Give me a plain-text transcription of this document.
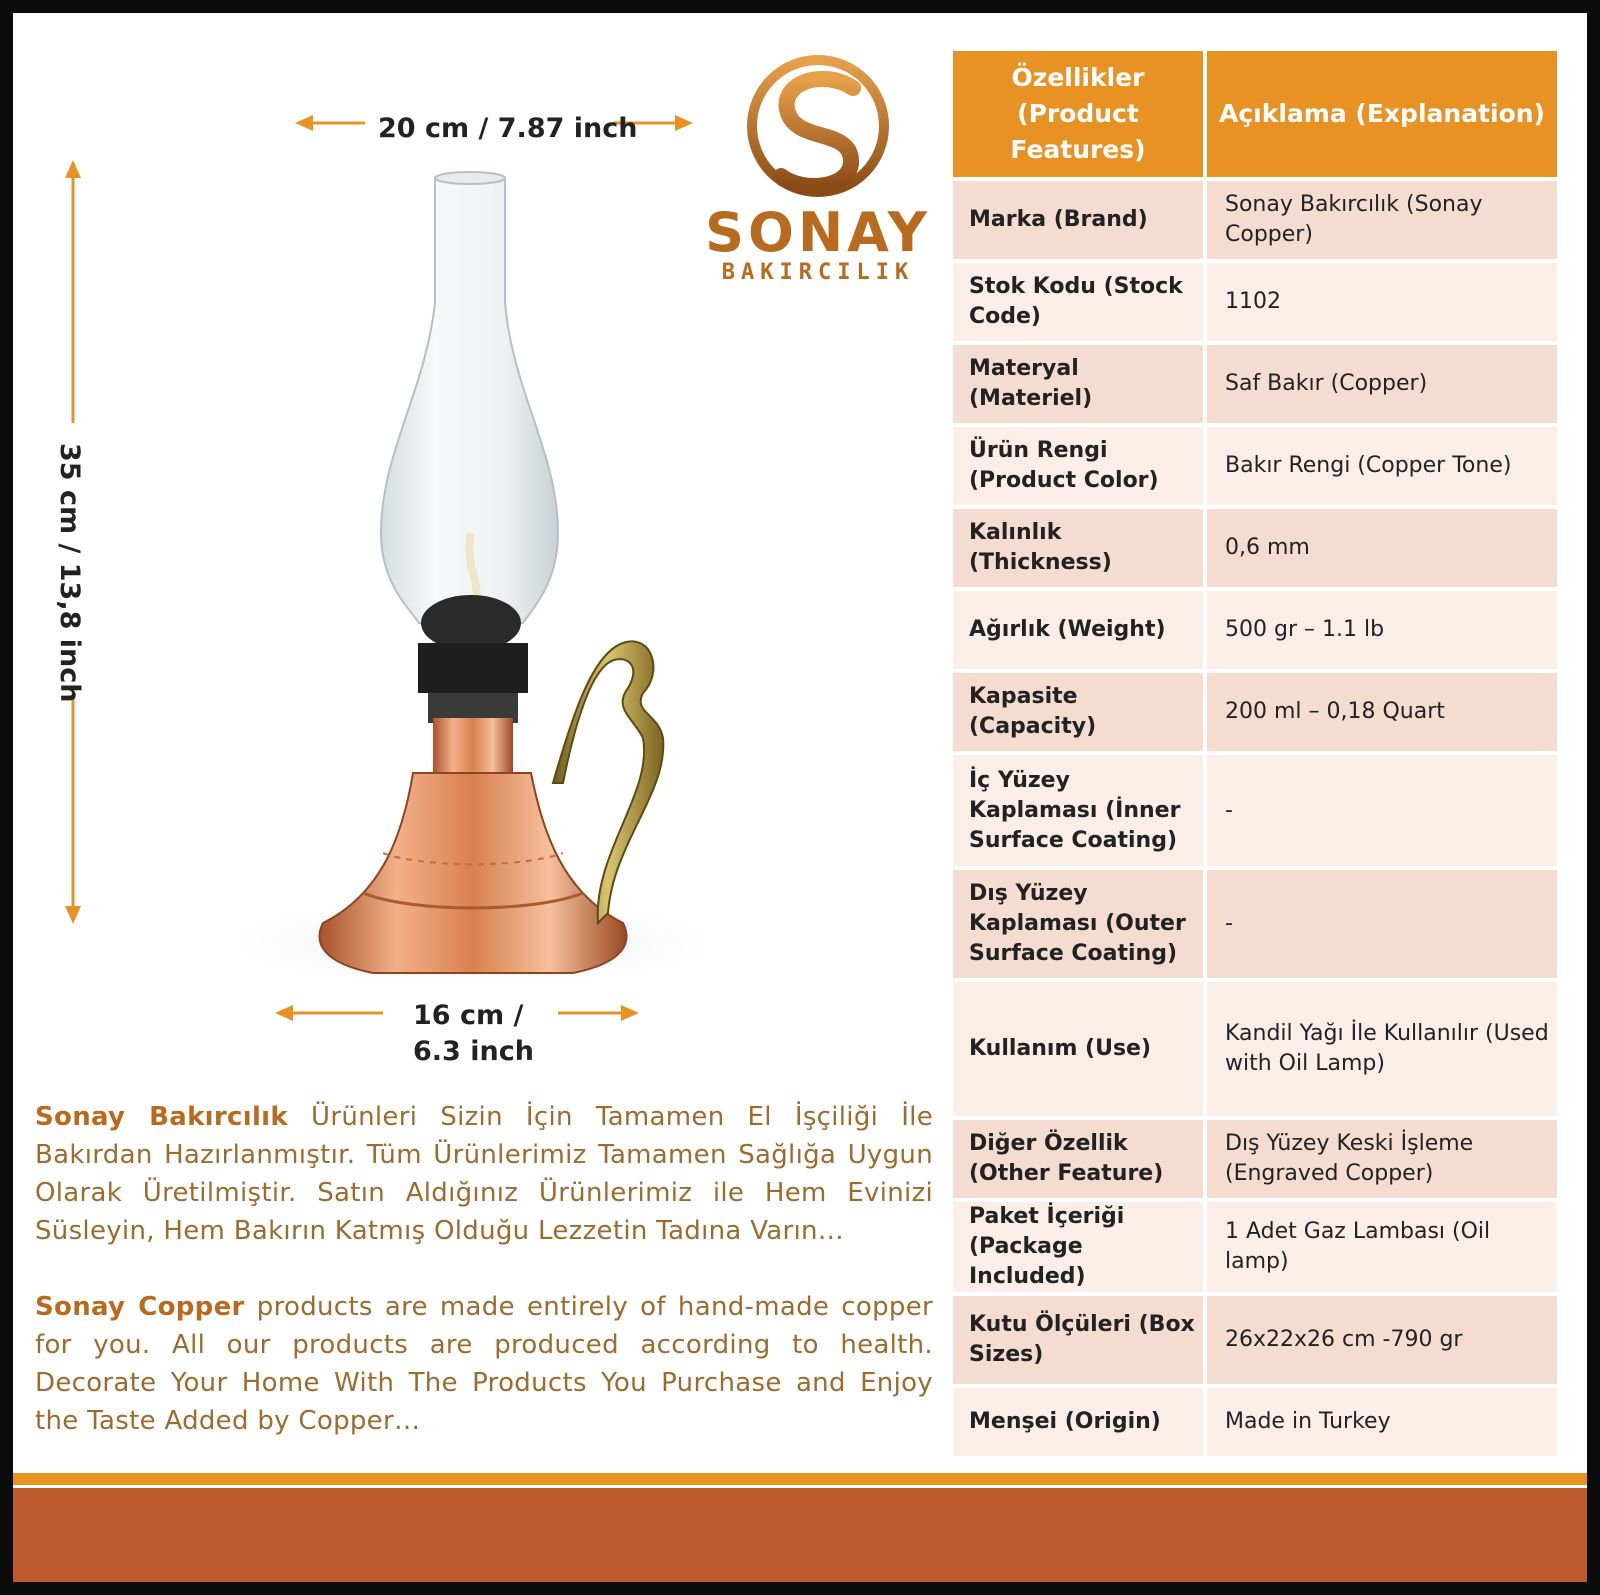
20 cm / 7.87 inch
35 cm / 13,8 inch
16 cm /
6.3 inch
SONAY
BAKIRCILIK
Sonay Bakırcılık Ürünleri Sizin İçin Tamamen El İşçiliği İle Bakırdan Hazırlanmıştır. Tüm Ürünlerimiz Tamamen Sağlığa Uygun Olarak Üretilmiştir. Satın Aldığınız Ürünlerimiz ile Hem Evinizi Süsleyin, Hem Bakırın Katmış Olduğu Lezzetin Tadına Varın…
Sonay Copper products are made entirely of hand-made copper for you. All our products are produced according to health. Decorate Your Home With The Products You Purchase and Enjoy the Taste Added by Copper…
Özellikler (Product Features)	Açıklama (Explanation)
Marka (Brand)	Sonay Bakırcılık (Sonay Copper)
Stok Kodu (Stock Code)	1102
Materyal (Materiel)	Saf Bakır (Copper)
Ürün Rengi (Product Color)	Bakır Rengi (Copper Tone)
Kalınlık (Thickness)	0,6 mm
Ağırlık (Weight)	500 gr – 1.1 lb
Kapasite (Capacity)	200 ml – 0,18 Quart
İç Yüzey Kaplaması (İnner Surface Coating)	-
Dış Yüzey Kaplaması (Outer Surface Coating)	-
Kullanım (Use)	Kandil Yağı İle Kullanılır (Used with Oil Lamp)
Diğer Özellik (Other Feature)	Dış Yüzey Keski İşleme (Engraved Copper)
Paket İçeriği (Package Included)	1 Adet Gaz Lambası (Oil lamp)
Kutu Ölçüleri (Box Sizes)	26x22x26 cm -790 gr
Menşei (Origin)	Made in Turkey
